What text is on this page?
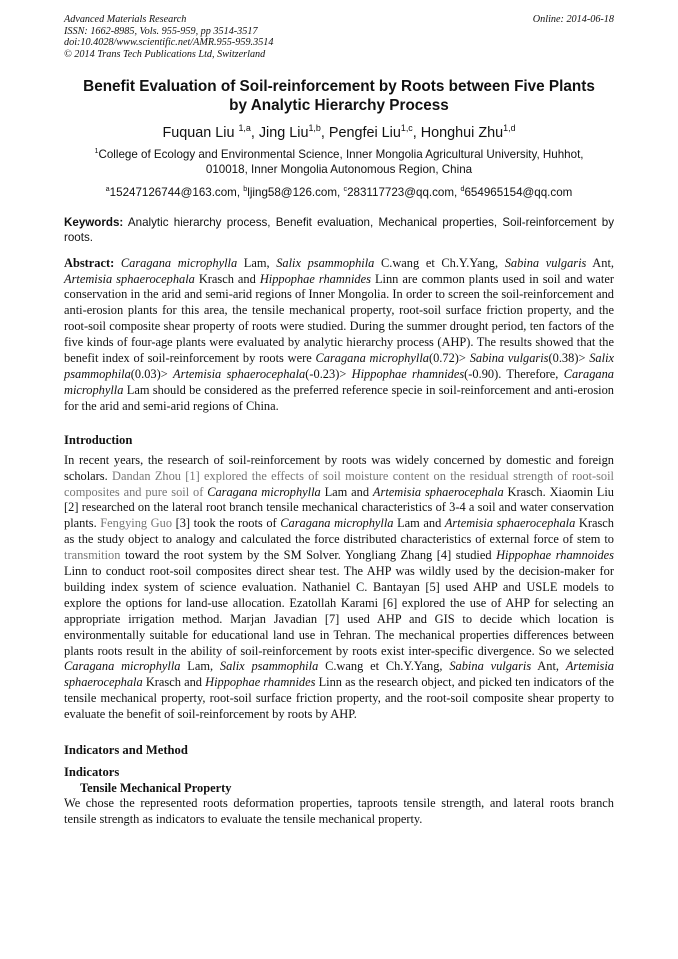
Advanced Materials Research
ISSN: 1662-8985, Vols. 955-959, pp 3514-3517
doi:10.4028/www.scientific.net/AMR.955-959.3514
© 2014 Trans Tech Publications Ltd, Switzerland
Online: 2014-06-18
Benefit Evaluation of Soil-reinforcement by Roots between Five Plants
by Analytic Hierarchy Process
Fuquan Liu $^{1,a}$, Jing Liu$^{1,b}$, Pengfei Liu$^{1,c}$, Honghui Zhu$^{1,d}$
$^1$College of Ecology and Environmental Science, Inner Mongolia Agricultural University, Huhhot,
010018, Inner Mongolia Autonomous Region, China
$^a$15247126744@163.com, $^b$ljing58@126.com, $^c$283117723@qq.com, $^d$654965154@qq.com
Keywords: Analytic hierarchy process, Benefit evaluation, Mechanical properties, Soil-reinforcement by roots.
Abstract: Caragana microphylla Lam, Salix psammophila C.wang et Ch.Y.Yang, Sabina vulgaris Ant, Artemisia sphaerocephala Krasch and Hippophae rhamnides Linn are common plants used in soil and water conservation in the arid and semi-arid regions of Inner Mongolia. In order to screen the soil-reinforcement and anti-erosion plants for this area, the tensile mechanical property, root-soil surface friction property, and the root-soil composite shear property of roots were studied. During the summer drought period, ten factors of the five kinds of four-age plants were evaluated by analytic hierarchy process (AHP). The results showed that the benefit index of soil-reinforcement by roots were Caragana microphylla(0.72)> Sabina vulgaris(0.38)> Salix psammophila(0.03)> Artemisia sphaerocephala(-0.23)> Hippophae rhamnides(-0.90). Therefore, Caragana microphylla Lam should be considered as the preferred reference specie in soil-reinforcement and anti-erosion for the arid and semi-arid regions of China.
Introduction
In recent years, the research of soil-reinforcement by roots was widely concerned by domestic and foreign scholars. Dandan Zhou [1] explored the effects of soil moisture content on the residual strength of root-soil composites and pure soil of Caragana microphylla Lam and Artemisia sphaerocephala Krasch. Xiaomin Liu [2] researched on the lateral root branch tensile mechanical characteristics of 3-4 a soil and water conservation plants. Fengying Guo [3] took the roots of Caragana microphylla Lam and Artemisia sphaerocephala Krasch as the study object to analogy and calculated the force distributed characteristics of external force of stem to transmition toward the root system by the SM Solver. Yongliang Zhang [4] studied Hippophae rhamnoides Linn to conduct root-soil composites direct shear test. The AHP was wildly used by the decision-maker for building index system of science evaluation. Nathaniel C. Bantayan [5] used AHP and USLE models to explore the options for land-use allocation. Ezatollah Karami [6] explored the use of AHP for selecting an appropriate irrigation method. Marjan Javadian [7] used AHP and GIS to decide which location is environmentally suitable for educational land use in Tehran. The mechanical properties differences between plants roots result in the ability of soil-reinforcement by roots exist inter-specific divergence. So we selected Caragana microphylla Lam, Salix psammophila C.wang et Ch.Y.Yang, Sabina vulgaris Ant, Artemisia sphaerocephala Krasch and Hippophae rhamnides Linn as the research object, and picked ten indicators of the tensile mechanical property, root-soil surface friction property, and the root-soil composite shear property to evaluate the benefit of soil-reinforcement by roots by AHP.
Indicators and Method
Indicators
Tensile Mechanical Property
We chose the represented roots deformation properties, taproots tensile strength, and lateral roots branch tensile strength as indicators to evaluate the tensile mechanical property.
